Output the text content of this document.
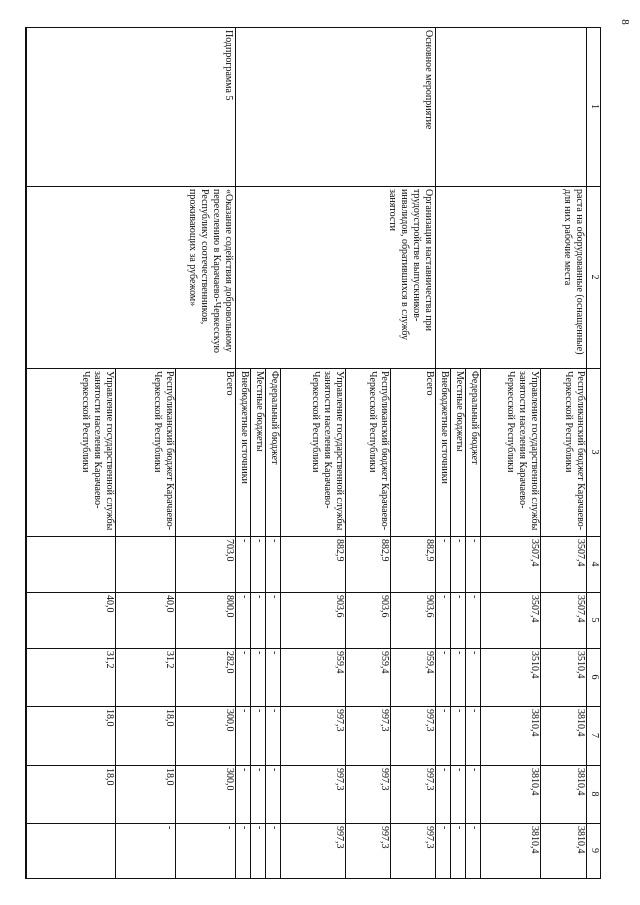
8
1
2
3
4
5
6
7
8
9
раста на оборудованные (оснащенные) для них рабочие места
Республиканский бюджет Карачаево-Черкесской Республики
3507,4
3507,4
3510,4
3810,4
3810,4
3810,4
Управление государственной службы занятости населения Карачаево-Черкесской Республики
3507,4
3507,4
3510,4
3810,4
3810,4
3810,4
Федеральный бюджет
-
-
-
-
-
-
Местные бюджеты
-
-
-
-
-
-
Внебюджетные источники
-
-
-
-
-
-
Основное мероприятие
Организация наставничества при трудоустройстве выпускников-инвалидов, обратившихся в службу занятости
Всего
882,9
903,6
959,4
997,3
997,3
997,3
Республиканский бюджет Карачаево-Черкесской Республики
882,9
903,6
959,4
997,3
997,3
997,3
Управление государственной службы занятости населения Карачаево-Черкесской Республики
882,9
903,6
959,4
997,3
997,3
997,3
Федеральный бюджет
-
-
-
-
-
-
Местные бюджеты
-
-
-
-
-
-
Внебюджетные источники
-
-
-
-
-
-
Подпрограмма 5
«Оказание содействия добровольному переселению в Карачаево-Черкесскую Республику соотечественников, проживающих за рубежом»
Всего
703,0
800,0
282,0
300,0
300,0
-
Республиканский бюджет Карачаево-Черкесской Республики
40,0
31,2
18,0
18,0
-
Управление государственной службы занятости населения Карачаево-Черкесской Республики
40,0
31,2
18,0
18,0
